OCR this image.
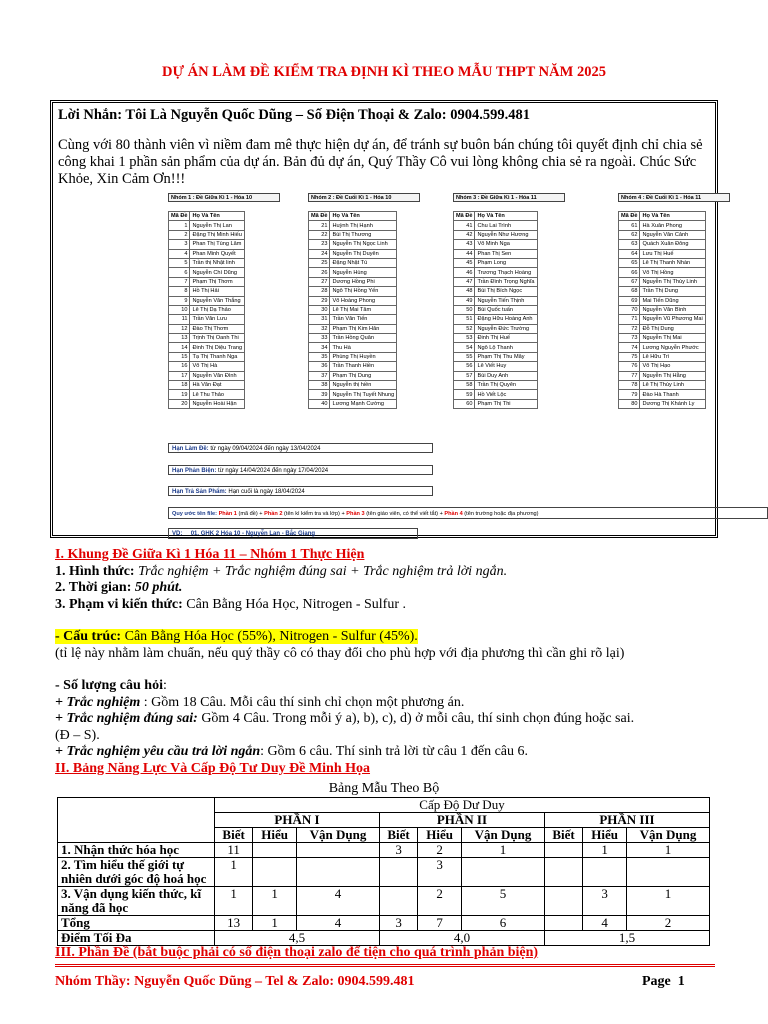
DỰ ÁN LÀM ĐỀ KIỂM TRA ĐỊNH KÌ THEO MẪU THPT NĂM 2025
Lời Nhắn: Tôi Là Nguyễn Quốc Dũng – Số Điện Thoại & Zalo: 0904.599.481
Cùng với 80 thành viên vì niềm đam mê thực hiện dự án, để tránh sự buôn bán chúng tôi quyết định chỉ chia sẻ công khai 1 phần sản phẩm của dự án. Bản đủ dự án, Quý Thầy Cô vui lòng không chia sẻ ra ngoài. Chúc Sức Khỏe, Xin Cảm Ơn!!!
Nhóm 1 : Đề Giữa Kì 1 - Hóa 10
Mã Đề	Họ Và Tên
1	Nguyễn Thị Lan
2	Đặng Thị Minh Hiếu
3	Phan Thị Tùng Lâm
4	Phan Minh Quyết
5	Trần thị Nhật linh
6	Nguyễn Chí Dũng
7	Phạm Thị Thơm
8	Hồ Thị Hải
9	Nguyễn Văn Thắng
10	Lê Thị Dạ Thảo
11	Trần Văn Lưu
12	Đào Thị Thơm
13	Trịnh Thị Oanh Thi
14	Đinh Thị Diệu Trang
15	Tạ Thị Thanh Nga
16	Võ Thị Hà
17	Nguyễn Văn Đình
18	Hà Văn Đạt
19	Lê Thu Thảo
20	Nguyễn Hoài Hận
Nhóm 2 : Đề Cuối Kì 1 - Hóa 10
Mã Đề	Họ Và Tên
21	Huỳnh Thị Hạnh
22	Bùi Thị Thương
23	Nguyễn Thị Ngọc Linh
24	Nguyễn Thị Duyên
25	Đặng Nhật Tú
26	Nguyễn Hùng
27	Dương Hồng Phi
28	Ngô Thị Hồng Yến
29	Võ Hoàng Phong
30	Lê Thị Mai Tâm
31	Trần Văn Tiến
32	Phạm Thị Kim Hân
33	Trần Hồng Quân
34	Thu Hà
35	Phùng Thị Huyền
36	Trần Thanh Hiền
37	Phạm Thị Dung
38	Nguyễn thị hiền
39	Nguyễn Thị Tuyết Nhung
40	Lương Mạnh Cường
Nhóm 3 : Đề Giữa Kì 1 - Hóa 11
Mã Đề	Họ Và Tên
41	Chu Lai Trình
42	Nguyễn Như Hương
43	Võ Minh Nga
44	Phan Thị Sen
45	Phạm Long
46	Trương Thạch Hoàng
47	Trần Đình Trọng Nghĩa
48	Bùi Thị Bích Ngọc
49	Nguyễn Tiến Thịnh
50	Bùi Quốc tuấn
51	Đặng Hữu Hoàng Anh
52	Nguyễn Đức Trường
53	Đinh Thị Huế
54	Ngô Lộ Thanh
55	Phạm Thị Thu Mây
56	Lê Viết Huy
57	Bùi Duy Anh
58	Trần Thị Quyên
59	Hồ Viết Lộc
60	Phạm Thị Thi
Nhóm 4 : Đề Cuối Kì 1 - Hóa 11
Mã Đề	Họ Và Tên
61	Hà Xuân Phong
62	Nguyễn Văn Cảnh
63	Quách Xuân Đông
64	Lưu Thị Huế
65	Lê Thị Thanh Nhàn
66	Võ Thị Hồng
67	Nguyễn Thị Thùy Linh
68	Trần Thị Dung
69	Mai Tiến Dũng
70	Nguyễn Văn Bình
71	Nguyễn Vũ Phương Mai
72	Đỗ Thị Dung
73	Nguyễn Thị Mai
74	Lương Nguyễn Phước
75	Lê Hữu Trì
76	Võ Thị Hạo
77	Nguyễn Thị Hằng
78	Lê Thị Thùy Linh
79	Đào Hà Thanh
80	Dương Thị Khánh Ly
Hạn Làm Đề: từ ngày 09/04/2024 đến ngày 13/04/2024
Hạn Phản Biện: từ ngày 14/04/2024 đến ngày 17/04/2024
Hạn Trả Sản Phẩm: Hạn cuối là ngày 18/04/2024
Quy ước tên file: Phần 1 (mã đề) + Phần 2 (tên kì kiểm tra và lớp) + Phần 3 (tên giáo viên, có thể viết tắt) + Phần 4 (tên trường hoặc địa phương)
VD: 01. GHK 2 Hóa 10 - Nguyễn Lan - Bắc Giang
I. Khung Đề Giữa Kì 1 Hóa 11 – Nhóm 1 Thực Hiện
1. Hình thức: Trắc nghiệm + Trắc nghiệm đúng sai + Trắc nghiệm trả lời ngắn.
2. Thời gian: 50 phút.
3. Phạm vi kiến thức: Cân Bằng Hóa Học, Nitrogen - Sulfur .
- Cấu trúc: Cân Bằng Hóa Học (55%), Nitrogen - Sulfur (45%).
(tỉ lệ này nhằm làm chuẩn, nếu quý thầy cô có thay đổi cho phù hợp với địa phương thì cần ghi rõ lại)
- Số lượng câu hỏi:
+ Trắc nghiệm : Gồm 18 Câu. Mỗi câu thí sinh chỉ chọn một phương án.
+ Trắc nghiệm đúng sai: Gồm 4 Câu. Trong mỗi ý a), b), c), d) ở mỗi câu, thí sinh chọn đúng hoặc sai.
(Đ – S).
+ Trắc nghiệm yêu cầu trả lời ngắn: Gồm 6 câu. Thí sinh trả lời từ câu 1 đến câu 6.
II. Bảng Năng Lực Và Cấp Độ Tư Duy Đề Minh Họa
Bảng Mẫu Theo Bộ
	Cấp Độ Dư Duy								
	PHẦN I			PHẦN II			PHẦN III		
	Biết	Hiểu	Vận Dụng	Biết	Hiểu	Vận Dụng	Biết	Hiểu	Vận Dụng
1. Nhận thức hóa học	11			3	2	1		1	1
2. Tìm hiểu thế giới tự nhiên dưới góc độ hoá học	1				3				
3. Vận dụng kiến thức, kĩ năng đã học	1	1	4		2	5		3	1
Tổng	13	1	4	3	7	6		4	2
Điểm Tối Đa	4,5			4,0			1,5		
III. Phần Đề (bắt buộc phải có số điện thoại zalo để tiện cho quá trình phản biện)
Nhóm Thầy: Nguyễn Quốc Dũng – Tel & Zalo: 0904.599.481	Page 1
